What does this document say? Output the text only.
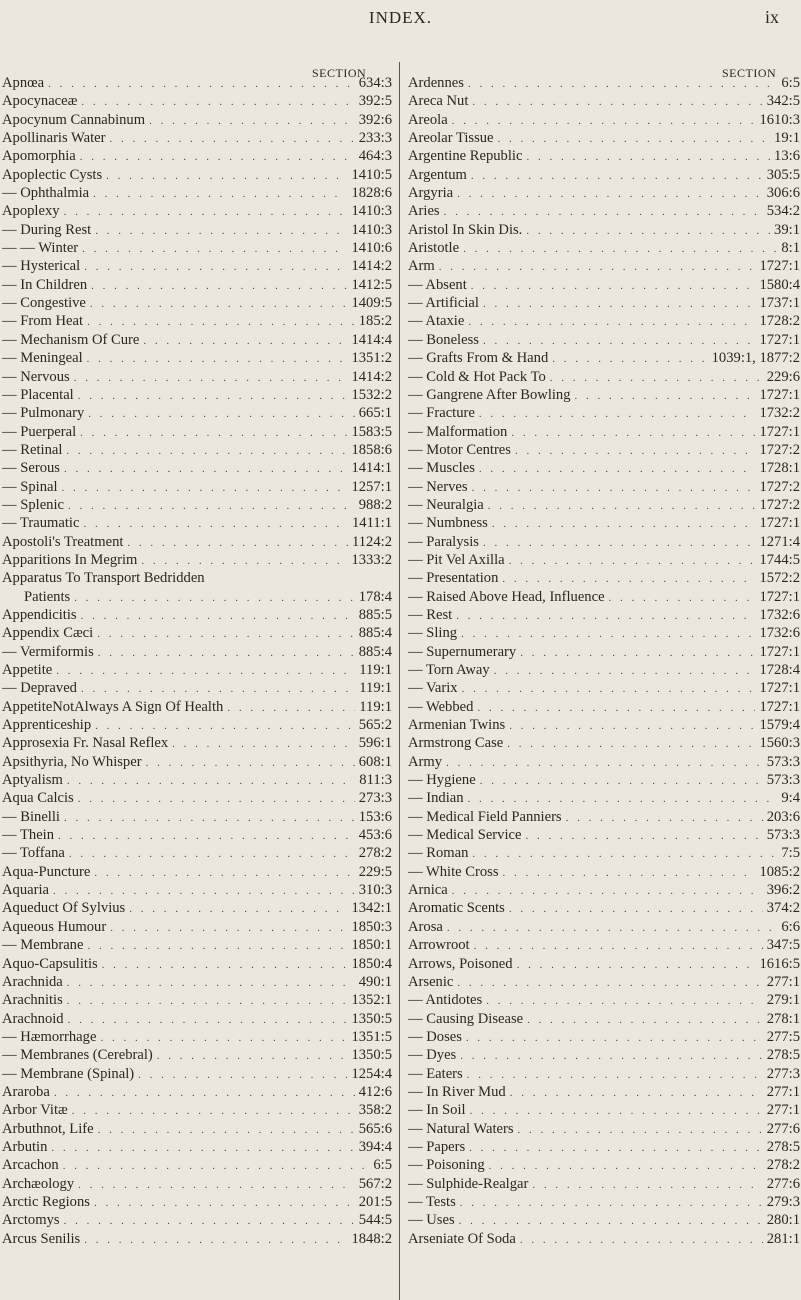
INDEX.	ix
SECTION	SECTION
Apnœa . . .	634:3
Apocynaceæ . . .	392:5
Apocynum Cannabinum . . .	392:6
Apollinaris Water . . .	233:3
Apomorphia . . .	464:3
Apoplectic Cysts . . .	1410:5
— Ophthalmia . . .	1828:6
Apoplexy . . .	1410:3
— During Rest . . .	1410:3
— — Winter . . .	1410:6
— Hysterical . . .	1414:2
— In Children . . .	1412:5
— Congestive . . .	1409:5
— From Heat . . .	185:2
— Mechanism Of Cure . . .	1414:4
— Meningeal . . .	1351:2
— Nervous . . .	1414:2
— Placental . . .	1532:2
— Pulmonary . . .	665:1
— Puerperal . . .	1583:5
— Retinal . . .	1858:6
— Serous . . .	1414:1
— Spinal . . .	1257:1
— Splenic . . .	988:2
— Traumatic . . .	1411:1
Apostoli's Treatment . . .	1124:2
Apparitions In Megrim . . .	1333:2
Apparatus To Transport Bedridden
Patients . . .	178:4
Appendicitis . . .	885:5
Appendix Cæci . . .	885:4
— Vermiformis . . .	885:4
Appetite . . .	119:1
— Depraved . . .	119:1
AppetiteNotAlways A Sign Of Health . . .	119:1
Apprenticeship . . .	565:2
Approsexia Fr. Nasal Reflex . . .	596:1
Apsithyria, No Whisper . . .	608:1
Aptyalism . . .	811:3
Aqua Calcis . . .	273:3
— Binelli . . .	153:6
— Thein . . .	453:6
— Toffana . . .	278:2
Aqua-Puncture . . .	229:5
Aquaria . . .	310:3
Aqueduct Of Sylvius . . .	1342:1
Aqueous Humour . . .	1850:3
— Membrane . . .	1850:1
Aquo-Capsulitis . . .	1850:4
Arachnida . . .	490:1
Arachnitis . . .	1352:1
Arachnoid . . .	1350:5
— Hæmorrhage . . .	1351:5
— Membranes (Cerebral) . . .	1350:5
— Membrane (Spinal) . . .	1254:4
Araroba . . .	412:6
Arbor Vitæ . . .	358:2
Arbuthnot, Life . . .	565:6
Arbutin . . .	394:4
Arcachon . . .	6:5
Archæology . . .	567:2
Arctic Regions . . .	201:5
Arctomys . . .	544:5
Arcus Senilis . . .	1848:2
Ardennes . . .	6:5
Areca Nut . . .	342:5
Areola . . .	1610:3
Areolar Tissue . . .	19:1
Argentine Republic . . .	13:6
Argentum . . .	305:5
Argyria . . .	306:6
Aries . . .	534:2
Aristol In Skin Dis. . . .	39:1
Aristotle . . .	8:1
Arm . . .	1727:1
— Absent . . .	1580:4
— Artificial . . .	1737:1
— Ataxie . . .	1728:2
— Boneless . . .	1727:1
— Grafts From & Hand . . .	1039:1, 1877:2
— Cold & Hot Pack To . . .	229:6
— Gangrene After Bowling . . .	1727:1
— Fracture . . .	1732:2
— Malformation . . .	1727:1
— Motor Centres . . .	1727:2
— Muscles . . .	1728:1
— Nerves . . .	1727:2
— Neuralgia . . .	1727:2
— Numbness . . .	1727:1
— Paralysis . . .	1271:4
— Pit Vel Axilla . . .	1744:5
— Presentation . . .	1572:2
— Raised Above Head, Influence . . .	1727:1
— Rest . . .	1732:6
— Sling . . .	1732:6
— Supernumerary . . .	1727:1
— Torn Away . . .	1728:4
— Varix . . .	1727:1
— Webbed . . .	1727:1
Armenian Twins . . .	1579:4
Armstrong Case . . .	1560:3
Army . . .	573:3
— Hygiene . . .	573:3
— Indian . . .	9:4
— Medical Field Panniers . . .	203:6
— Medical Service . . .	573:3
— Roman . . .	7:5
— White Cross . . .	1085:2
Arnica . . .	396:2
Aromatic Scents . . .	374:2
Arosa . . .	6:6
Arrowroot . . .	347:5
Arrows, Poisoned . . .	1616:5
Arsenic . . .	277:1
— Antidotes . . .	279:1
— Causing Disease . . .	278:1
— Doses . . .	277:5
— Dyes . . .	278:5
— Eaters . . .	277:3
— In River Mud . . .	277:1
— In Soil . . .	277:1
— Natural Waters . . .	277:6
— Papers . . .	278:5
— Poisoning . . .	278:2
— Sulphide-Realgar . . .	277:6
— Tests . . .	279:3
— Uses . . .	280:1
Arseniate Of Soda . . .	281:1
